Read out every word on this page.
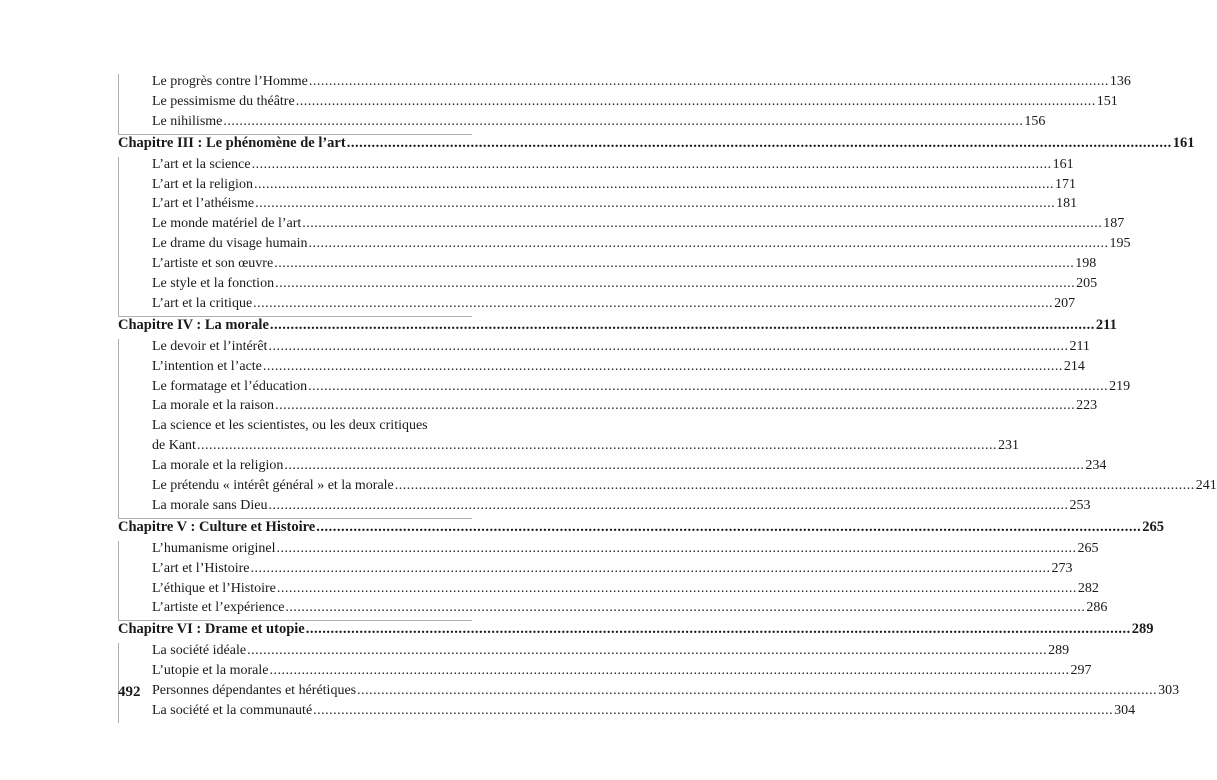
Le progrès contre l’Homme ........................................................................................................................................................................................................ 136
Le pessimisme du théâtre ........................................................................................................................................................................................................ 151
Le nihilisme ........................................................................................................................................................................................................ 156
Chapitre III : Le phénomène de l’art ........................................................................................................................................................................................................ 161
L’art et la science ........................................................................................................................................................................................................ 161
L’art et la religion ........................................................................................................................................................................................................ 171
L’art et l’athéisme ........................................................................................................................................................................................................ 181
Le monde matériel de l’art ........................................................................................................................................................................................................ 187
Le drame du visage humain ........................................................................................................................................................................................................ 195
L’artiste et son œuvre ........................................................................................................................................................................................................ 198
Le style et la fonction ........................................................................................................................................................................................................ 205
L’art et la critique ........................................................................................................................................................................................................ 207
Chapitre IV : La morale ........................................................................................................................................................................................................ 211
Le devoir et l’intérêt ........................................................................................................................................................................................................ 211
L’intention et l’acte ........................................................................................................................................................................................................ 214
Le formatage et l’éducation ........................................................................................................................................................................................................ 219
La morale et la raison ........................................................................................................................................................................................................ 223
La science et les scientistes, ou les deux critiques
de Kant ........................................................................................................................................................................................................ 231
La morale et la religion ........................................................................................................................................................................................................ 234
Le prétendu « intérêt général » et la morale ........................................................................................................................................................................................................ 241
La morale sans Dieu ........................................................................................................................................................................................................ 253
Chapitre V : Culture et Histoire ........................................................................................................................................................................................................ 265
L’humanisme originel ........................................................................................................................................................................................................ 265
L’art et l’Histoire ........................................................................................................................................................................................................ 273
L’éthique et l’Histoire ........................................................................................................................................................................................................ 282
L’artiste et l’expérience ........................................................................................................................................................................................................ 286
Chapitre VI : Drame et utopie ........................................................................................................................................................................................................ 289
La société idéale ........................................................................................................................................................................................................ 289
L’utopie et la morale ........................................................................................................................................................................................................ 297
Personnes dépendantes et hérétiques ........................................................................................................................................................................................................ 303
La société et la communauté ........................................................................................................................................................................................................ 304
492
